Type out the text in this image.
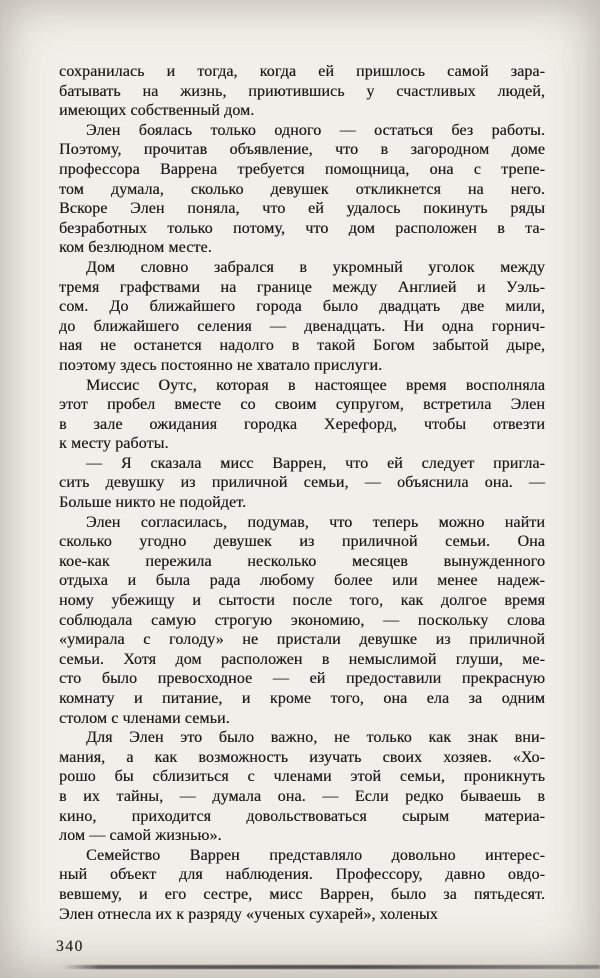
сохранилась и тогда, когда ей пришлось самой зара-
батывать на жизнь, приютившись у счастливых людей,
имеющих собственный дом.
Элен боялась только одного — остаться без работы.
Поэтому, прочитав объявление, что в загородном доме
профессора Варрена требуется помощница, она с трепе-
том думала, сколько девушек откликнется на него.
Вскоре Элен поняла, что ей удалось покинуть ряды
безработных только потому, что дом расположен в та-
ком безлюдном месте.
Дом словно забрался в укромный уголок между
тремя графствами на границе между Англией и Уэль-
сом. До ближайшего города было двадцать две мили,
до ближайшего селения — двенадцать. Ни одна горнич-
ная не останется надолго в такой Богом забытой дыре,
поэтому здесь постоянно не хватало прислуги.
Миссис Оутс, которая в настоящее время восполняла
этот пробел вместе со своим супругом, встретила Элен
в зале ожидания городка Херефорд, чтобы отвезти
к месту работы.
— Я сказала мисс Варрен, что ей следует пригла-
сить девушку из приличной семьи, — объяснила она. —
Больше никто не подойдет.
Элен согласилась, подумав, что теперь можно найти
сколько угодно девушек из приличной семьи. Она
кое-как пережила несколько месяцев вынужденного
отдыха и была рада любому более или менее надеж-
ному убежищу и сытости после того, как долгое время
соблюдала самую строгую экономию, — поскольку слова
«умирала с голоду» не пристали девушке из приличной
семьи. Хотя дом расположен в немыслимой глуши, ме-
сто было превосходное — ей предоставили прекрасную
комнату и питание, и кроме того, она ела за одним
столом с членами семьи.
Для Элен это было важно, не только как знак вни-
мания, а как возможность изучать своих хозяев. «Хо-
рошо бы сблизиться с членами этой семьи, проникнуть
в их тайны, — думала она. — Если редко бываешь в
кино, приходится довольствоваться сырым материа-
лом — самой жизнью».
Семейство Варрен представляло довольно интерес-
ный объект для наблюдения. Профессору, давно овдо-
вевшему, и его сестре, мисс Варрен, было за пятьдесят.
Элен отнесла их к разряду «ученых сухарей», холеных
340
